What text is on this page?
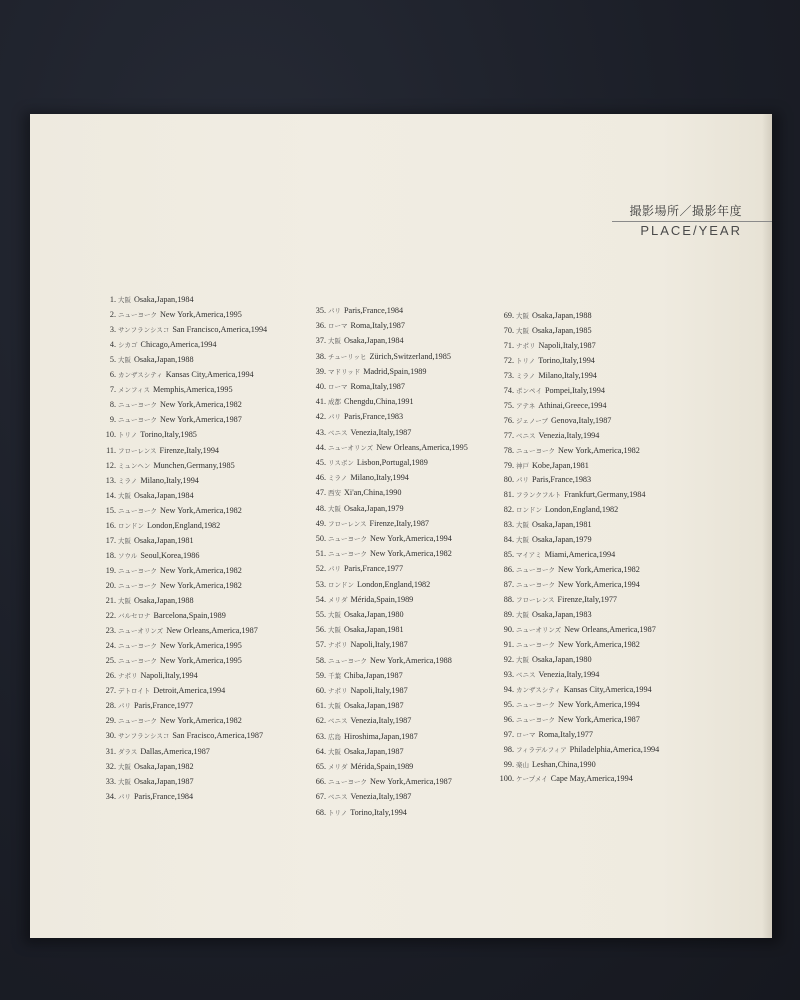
撮影場所／撮影年度
PLACE/YEAR
1. 大阪 Osaka,Japan,1984
2. ニューヨーク New York,America,1995
3. サンフランシスコ San Francisco,America,1994
4. シカゴ Chicago,America,1994
5. 大阪 Osaka,Japan,1988
6. カンザスシティ Kansas City,America,1994
7. メンフィス Memphis,America,1995
8. ニューヨーク New York,America,1982
9. ニューヨーク New York,America,1987
10. トリノ Torino,Italy,1985
11. フローレンス Firenze,Italy,1994
12. ミュンヘン Munchen,Germany,1985
13. ミラノ Milano,Italy,1994
14. 大阪 Osaka,Japan,1984
15. ニューヨーク New York,America,1982
16. ロンドン London,England,1982
17. 大阪 Osaka,Japan,1981
18. ソウル Seoul,Korea,1986
19. ニューヨーク New York,America,1982
20. ニューヨーク New York,America,1982
21. 大阪 Osaka,Japan,1988
22. バルセロナ Barcelona,Spain,1989
23. ニューオリンズ New Orleans,America,1987
24. ニューヨーク New York,America,1995
25. ニューヨーク New York,America,1995
26. ナポリ Napoli,Italy,1994
27. デトロイト Detroit,America,1994
28. パリ Paris,France,1977
29. ニューヨーク New York,America,1982
30. サンフランシスコ San Fracisco,America,1987
31. ダラス Dallas,America,1987
32. 大阪 Osaka,Japan,1982
33. 大阪 Osaka,Japan,1987
34. パリ Paris,France,1984
35. パリ Paris,France,1984
36. ローマ Roma,Italy,1987
37. 大阪 Osaka,Japan,1984
38. チューリッヒ Zürich,Switzerland,1985
39. マドリッド Madrid,Spain,1989
40. ローマ Roma,Italy,1987
41. 成都 Chengdu,China,1991
42. パリ Paris,France,1983
43. ベニス Venezia,Italy,1987
44. ニューオリンズ New Orleans,America,1995
45. リスボン Lisbon,Portugal,1989
46. ミラノ Milano,Italy,1994
47. 西安 Xi'an,China,1990
48. 大阪 Osaka,Japan,1979
49. フローレンス Firenze,Italy,1987
50. ニューヨーク New York,America,1994
51. ニューヨーク New York,America,1982
52. パリ Paris,France,1977
53. ロンドン London,England,1982
54. メリダ Mérida,Spain,1989
55. 大阪 Osaka,Japan,1980
56. 大阪 Osaka,Japan,1981
57. ナポリ Napoli,Italy,1987
58. ニューヨーク New York,America,1988
59. 千葉 Chiba,Japan,1987
60. ナポリ Napoli,Italy,1987
61. 大阪 Osaka,Japan,1987
62. ベニス Venezia,Italy,1987
63. 広島 Hiroshima,Japan,1987
64. 大阪 Osaka,Japan,1987
65. メリダ Mérida,Spain,1989
66. ニューヨーク New York,America,1987
67. ベニス Venezia,Italy,1987
68. トリノ Torino,Italy,1994
69. 大阪 Osaka,Japan,1988
70. 大阪 Osaka,Japan,1985
71. ナポリ Napoli,Italy,1987
72. トリノ Torino,Italy,1994
73. ミラノ Milano,Italy,1994
74. ポンペイ Pompei,Italy,1994
75. アテネ Athinai,Greece,1994
76. ジェノーブ Genova,Italy,1987
77. ベニス Venezia,Italy,1994
78. ニューヨーク New York,America,1982
79. 神戸 Kobe,Japan,1981
80. パリ Paris,France,1983
81. フランクフルト Frankfurt,Germany,1984
82. ロンドン London,England,1982
83. 大阪 Osaka,Japan,1981
84. 大阪 Osaka,Japan,1979
85. マイアミ Miami,America,1994
86. ニューヨーク New York,America,1982
87. ニューヨーク New York,America,1994
88. フローレンス Firenze,Italy,1977
89. 大阪 Osaka,Japan,1983
90. ニューオリンズ New Orleans,America,1987
91. ニューヨーク New York,America,1982
92. 大阪 Osaka,Japan,1980
93. ベニス Venezia,Italy,1994
94. カンザスシティ Kansas City,America,1994
95. ニューヨーク New York,America,1994
96. ニューヨーク New York,America,1987
97. ローマ Roma,Italy,1977
98. フィラデルフィア Philadelphia,America,1994
99. 楽山 Leshan,China,1990
100. ケープメイ Cape May,America,1994
